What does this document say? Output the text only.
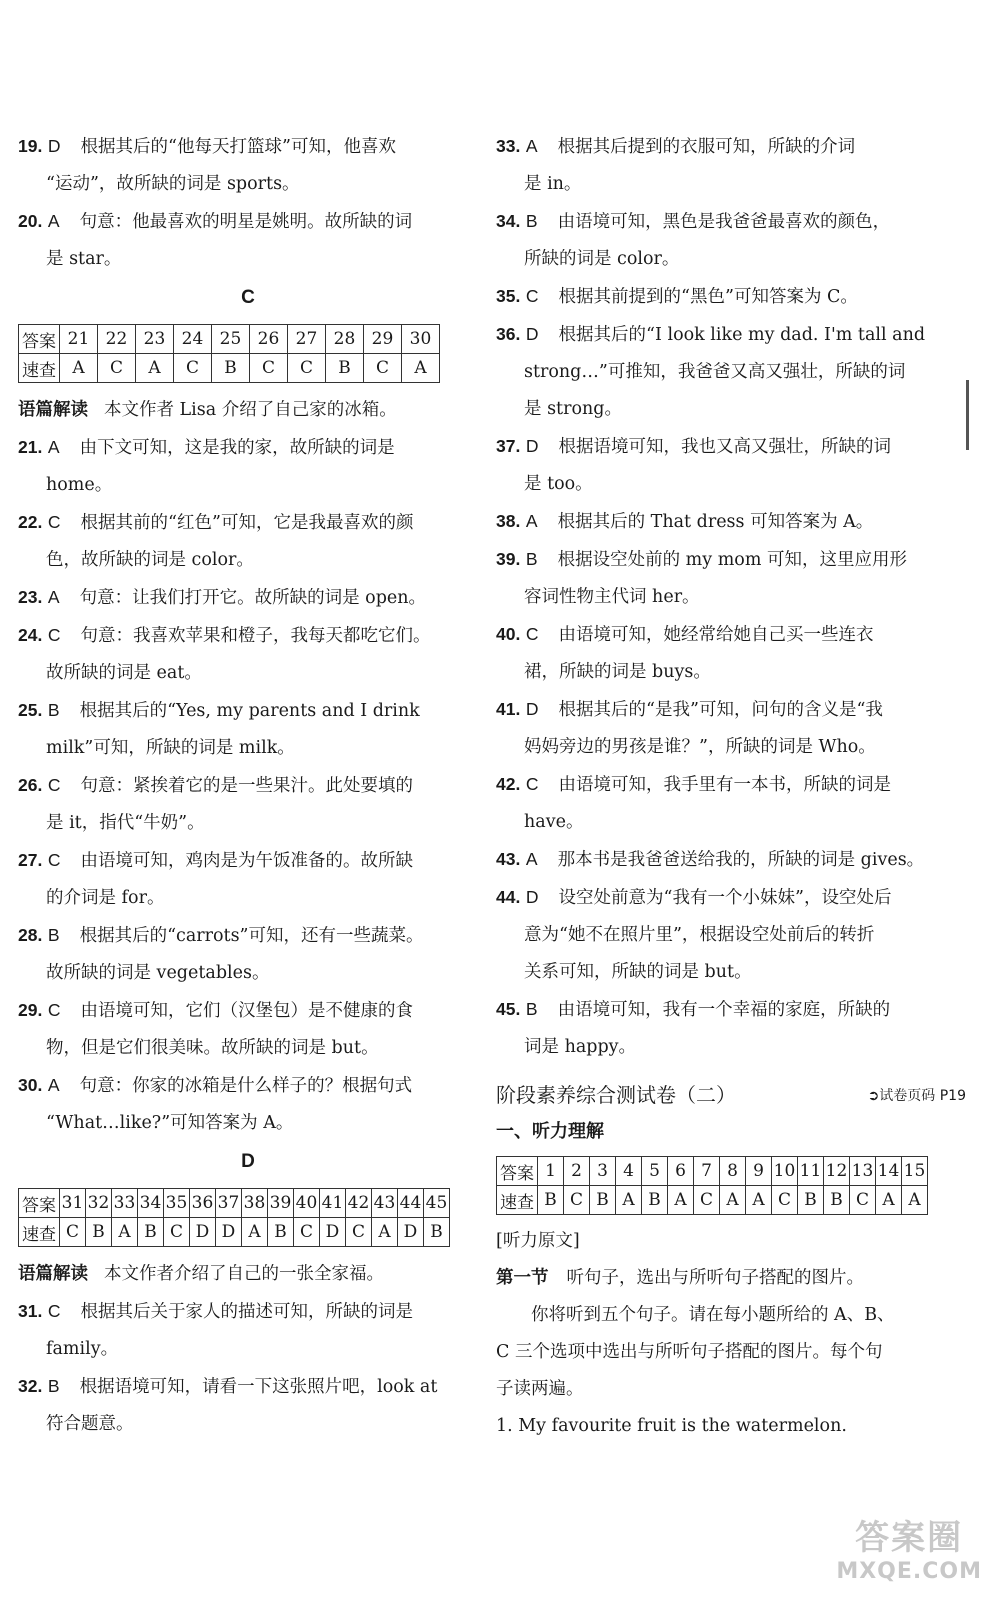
19. D 根据其后的“他每天打篮球”可知，他喜欢
“运动”，故所缺的词是 sports。
20. A 句意：他最喜欢的明星是姚明。故所缺的词
是 star。
C
答案	21	22	23	24	25	26	27	28	29	30
速查	A	C	A	C	B	C	C	B	C	A
语篇解读 本文作者 Lisa 介绍了自己家的冰箱。
21. A 由下文可知，这是我的家，故所缺的词是
home。
22. C 根据其前的“红色”可知，它是我最喜欢的颜
色，故所缺的词是 color。
23. A 句意：让我们打开它。故所缺的词是 open。
24. C 句意：我喜欢苹果和橙子，我每天都吃它们。
故所缺的词是 eat。
25. B 根据其后的“Yes, my parents and I drink
milk”可知，所缺的词是 milk。
26. C 句意：紧挨着它的是一些果汁。此处要填的
是 it，指代“牛奶”。
27. C 由语境可知，鸡肉是为午饭准备的。故所缺
的介词是 for。
28. B 根据其后的“carrots”可知，还有一些蔬菜。
故所缺的词是 vegetables。
29. C 由语境可知，它们（汉堡包）是不健康的食
物，但是它们很美味。故所缺的词是 but。
30. A 句意：你家的冰箱是什么样子的？根据句式
“What…like?”可知答案为 A。
D
答案	31	32	33	34	35	36	37	38	39	40	41	42	43	44	45
速查	C	B	A	B	C	D	D	A	B	C	D	C	A	D	B
语篇解读 本文作者介绍了自己的一张全家福。
31. C 根据其后关于家人的描述可知，所缺的词是
family。
32. B 根据语境可知，请看一下这张照片吧，look at
符合题意。
33. A 根据其后提到的衣服可知，所缺的介词
是 in。
34. B 由语境可知，黑色是我爸爸最喜欢的颜色，
所缺的词是 color。
35. C 根据其前提到的“黑色”可知答案为 C。
36. D 根据其后的“I look like my dad. I'm tall and
strong…”可推知，我爸爸又高又强壮，所缺的词
是 strong。
37. D 根据语境可知，我也又高又强壮，所缺的词
是 too。
38. A 根据其后的 That dress 可知答案为 A。
39. B 根据设空处前的 my mom 可知，这里应用形
容词性物主代词 her。
40. C 由语境可知，她经常给她自己买一些连衣
裙，所缺的词是 buys。
41. D 根据其后的“是我”可知，问句的含义是“我
妈妈旁边的男孩是谁？”，所缺的词是 Who。
42. C 由语境可知，我手里有一本书，所缺的词是
have。
43. A 那本书是我爸爸送给我的，所缺的词是 gives。
44. D 设空处前意为“我有一个小妹妹”，设空处后
意为“她不在照片里”，根据设空处前后的转折
关系可知，所缺的词是 but。
45. B 由语境可知，我有一个幸福的家庭，所缺的
词是 happy。
阶段素养综合测试卷（二）	➲试卷页码 P19
一、听力理解
答案	1	2	3	4	5	6	7	8	9	10	11	12	13	14	15
速查	B	C	B	A	B	A	C	A	A	C	B	B	C	A	A
[听力原文]
第一节 听句子，选出与所听句子搭配的图片。
你将听到五个句子。请在每小题所给的 A、B、
C 三个选项中选出与所听句子搭配的图片。每个句
子读两遍。
1. My favourite fruit is the watermelon.
答案圈
MXQE.COM
